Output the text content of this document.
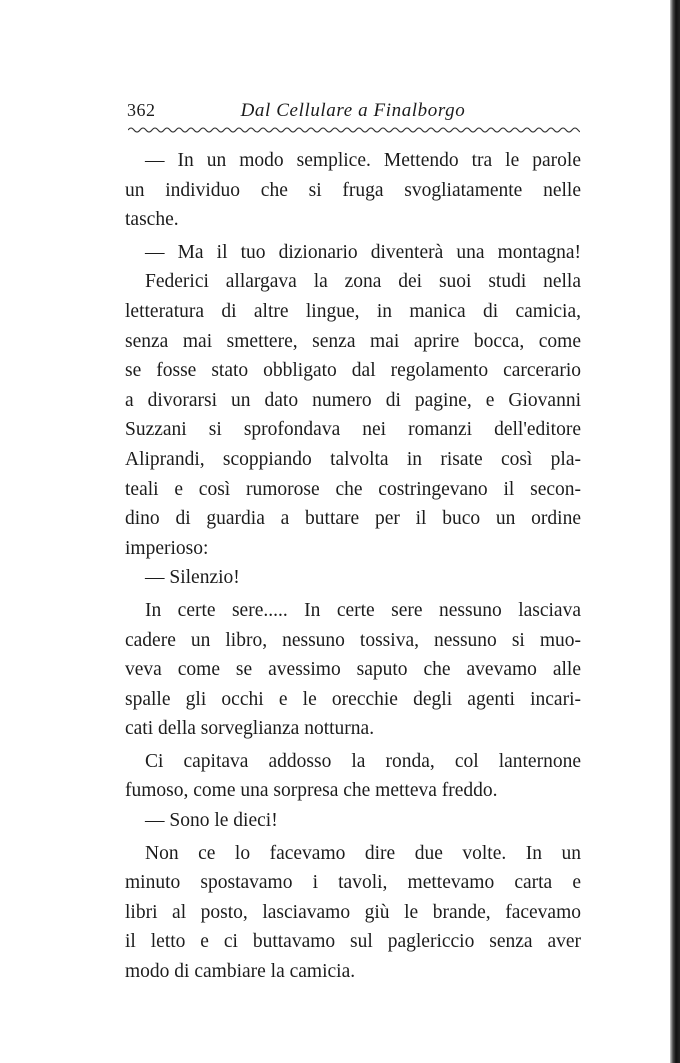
362	Dal Cellulare a Finalborgo
— In un modo semplice. Mettendo tra le parole
un individuo che si fruga svogliatamente nelle
tasche.
— Ma il tuo dizionario diventerà una montagna!
Federici allargava la zona dei suoi studi nella
letteratura di altre lingue, in manica di camicia,
senza mai smettere, senza mai aprire bocca, come
se fosse stato obbligato dal regolamento carcerario
a divorarsi un dato numero di pagine, e Giovanni
Suzzani si sprofondava nei romanzi dell'editore
Aliprandi, scoppiando talvolta in risate così pla-
teali e così rumorose che costringevano il secon-
dino di guardia a buttare per il buco un ordine
imperioso:
— Silenzio!
In certe sere..... In certe sere nessuno lasciava
cadere un libro, nessuno tossiva, nessuno si muo-
veva come se avessimo saputo che avevamo alle
spalle gli occhi e le orecchie degli agenti incari-
cati della sorveglianza notturna.
Ci capitava addosso la ronda, col lanternone
fumoso, come una sorpresa che metteva freddo.
— Sono le dieci!
Non ce lo facevamo dire due volte. In un
minuto spostavamo i tavoli, mettevamo carta e
libri al posto, lasciavamo giù le brande, facevamo
il letto e ci buttavamo sul paglericcio senza aver
modo di cambiare la camicia.
